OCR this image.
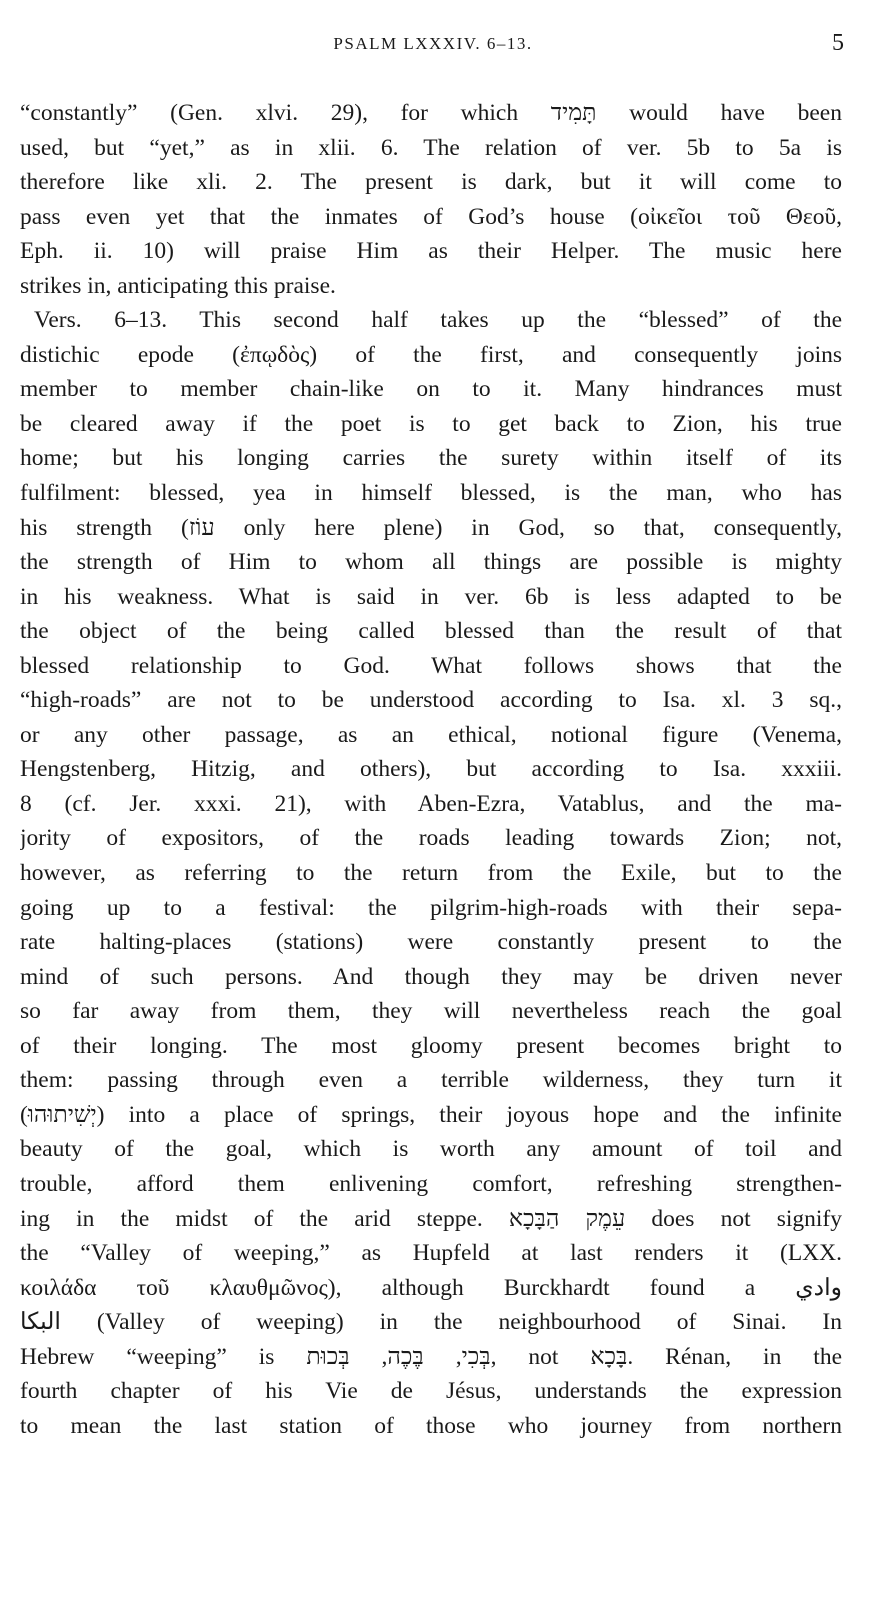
PSALM LXXXIV. 6–13.	5
“constantly” (Gen. xlvi. 29), for which תָּמִיד would have been
used, but “yet,” as in xlii. 6. The relation of ver. 5b to 5a is
therefore like xli. 2. The present is dark, but it will come to
pass even yet that the inmates of God’s house (οἰκεῖοι τοῦ Θεοῦ,
Eph. ii. 10) will praise Him as their Helper. The music here
strikes in, anticipating this praise.
Vers. 6–13. This second half takes up the “blessed” of the
distichic epode (ἐπῳδὸς) of the first, and consequently joins
member to member chain-like on to it. Many hindrances must
be cleared away if the poet is to get back to Zion, his true
home; but his longing carries the surety within itself of its
fulfilment: blessed, yea in himself blessed, is the man, who has
his strength (עוֹז only here plene) in God, so that, consequently,
the strength of Him to whom all things are possible is mighty
in his weakness. What is said in ver. 6b is less adapted to be
the object of the being called blessed than the result of that
blessed relationship to God. What follows shows that the
“high-roads” are not to be understood according to Isa. xl. 3 sq.,
or any other passage, as an ethical, notional figure (Venema,
Hengstenberg, Hitzig, and others), but according to Isa. xxxiii.
8 (cf. Jer. xxxi. 21), with Aben-Ezra, Vatablus, and the ma-
jority of expositors, of the roads leading towards Zion; not,
however, as referring to the return from the Exile, but to the
going up to a festival: the pilgrim-high-roads with their sepa-
rate halting-places (stations) were constantly present to the
mind of such persons. And though they may be driven never
so far away from them, they will nevertheless reach the goal
of their longing. The most gloomy present becomes bright to
them: passing through even a terrible wilderness, they turn it
(יְשִׁיתוּהוּ) into a place of springs, their joyous hope and the infinite
beauty of the goal, which is worth any amount of toil and
trouble, afford them enlivening comfort, refreshing strengthen-
ing in the midst of the arid steppe. עֵמֶק הַבָּכָא does not signify
the “Valley of weeping,” as Hupfeld at last renders it (LXX.
κοιλάδα τοῦ κλαυθμῶνος), although Burckhardt found a وادي
البكا (Valley of weeping) in the neighbourhood of Sinai. In
Hebrew “weeping” is בְּכִי, בֶּכֶה, בְּכוּת, not בָּכָא. Rénan, in the
fourth chapter of his Vie de Jésus, understands the expression
to mean the last station of those who journey from northern
